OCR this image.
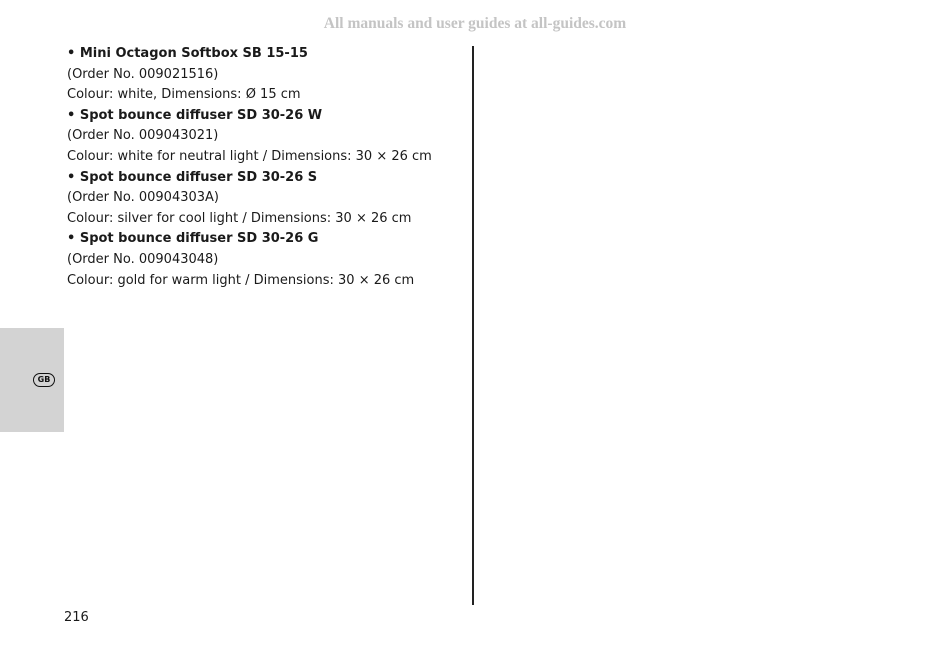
All manuals and user guides at all-guides.com
• Mini Octagon Softbox SB 15-15
(Order No. 009021516)
Colour: white, Dimensions: Ø 15 cm
• Spot bounce diffuser SD 30-26 W
(Order No. 009043021)
Colour: white for neutral light / Dimensions: 30 × 26 cm
• Spot bounce diffuser SD 30-26 S
(Order No. 00904303A)
Colour: silver for cool light / Dimensions: 30 × 26 cm
• Spot bounce diffuser SD 30-26 G
(Order No. 009043048)
Colour: gold for warm light / Dimensions: 30 × 26 cm
GB
216
